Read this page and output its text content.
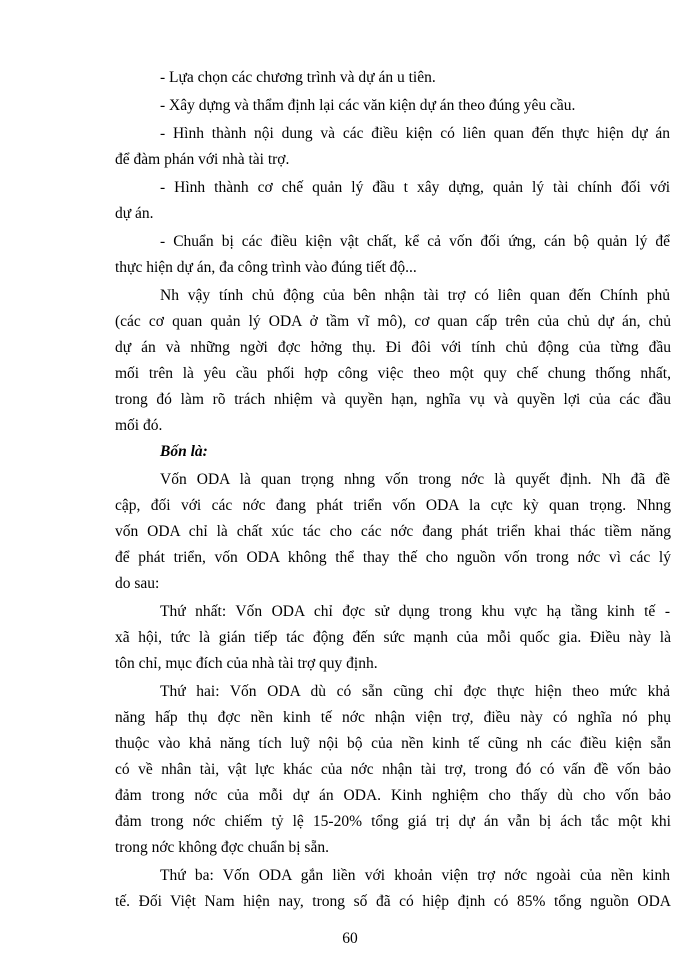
- Lựa chọn các chương trình và dự án u tiên.
- Xây dựng và thẩm định lại các văn kiện dự án theo đúng yêu cầu.
- Hình thành nội dung và các điều kiện có liên quan đến thực hiện dự án
để đàm phán với nhà tài trợ.
- Hình thành cơ chế quản lý đầu t xây dựng, quản lý tài chính đối với
dự án.
- Chuẩn bị các điều kiện vật chất, kể cả vốn đối ứng, cán bộ quản lý để
thực hiện dự án, đa công trình vào đúng tiết độ...
Nh vậy tính chủ động của bên nhận tài trợ có liên quan đến Chính phủ
(các cơ quan quản lý ODA ở tầm vĩ mô), cơ quan cấp trên của chủ dự án, chủ
dự án và những ngời đợc hởng thụ. Đi đôi với tính chủ động của từng đầu
mối trên là yêu cầu phối hợp công việc theo một quy chế chung thống nhất,
trong đó làm rõ trách nhiệm và quyền hạn, nghĩa vụ và quyền lợi của các đầu
mối đó.
Bốn là:
Vốn ODA là quan trọng nhng vốn trong nớc là quyết định. Nh đã đề
cập, đối với các nớc đang phát triển vốn ODA la cực kỳ quan trọng. Nhng
vốn ODA chỉ là chất xúc tác cho các nớc đang phát triển khai thác tiềm năng
để phát triển, vốn ODA không thể thay thế cho nguồn vốn trong nớc vì các lý
do sau:
Thứ nhất: Vốn ODA chỉ đợc sử dụng trong khu vực hạ tầng kinh tế -
xã hội, tức là gián tiếp tác động đến sức mạnh của mỗi quốc gia. Điều này là
tôn chỉ, mục đích của nhà tài trợ quy định.
Thứ hai: Vốn ODA dù có sẵn cũng chỉ đợc thực hiện theo mức khả
năng hấp thụ đợc nền kinh tế nớc nhận viện trợ, điều này có nghĩa nó phụ
thuộc vào khả năng tích luỹ nội bộ của nền kinh tế cũng nh các điều kiện sẵn
có về nhân tài, vật lực khác của nớc nhận tài trợ, trong đó có vấn đề vốn bảo
đảm trong nớc của mỗi dự án ODA. Kinh nghiệm cho thấy dù cho vốn bảo
đảm trong nớc chiếm tỷ lệ 15-20% tổng giá trị dự án vẫn bị ách tắc một khi
trong nớc không đợc chuẩn bị sẵn.
Thứ ba: Vốn ODA gắn liền với khoản viện trợ nớc ngoài của nền kinh
tế. Đối Việt Nam hiện nay, trong số đã có hiệp định có 85% tổng nguồn ODA
60
